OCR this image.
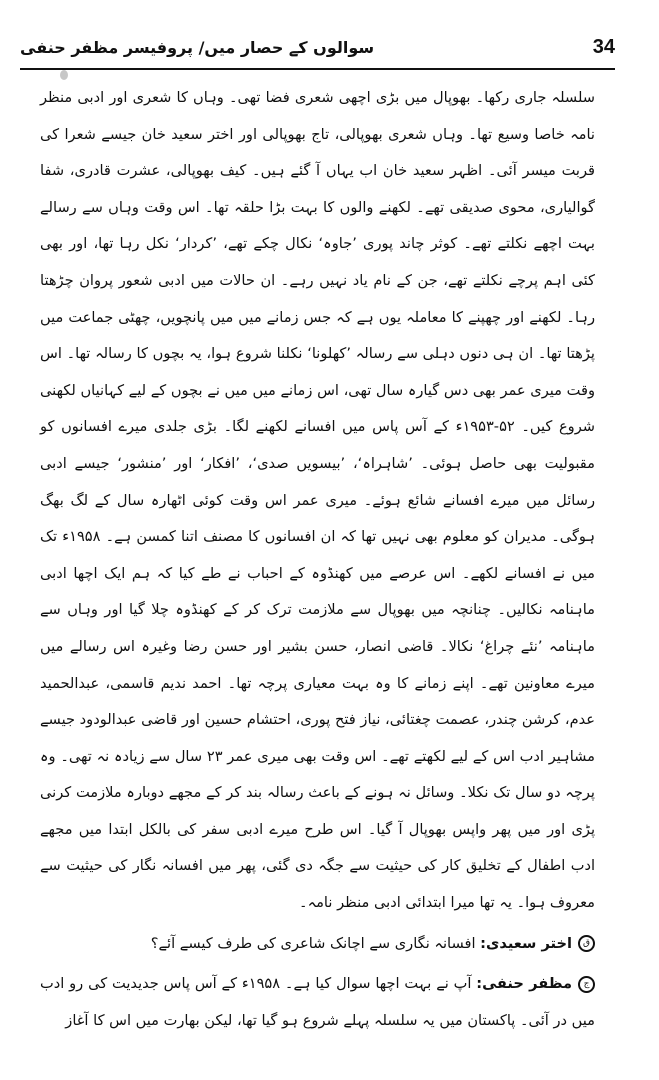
34
سوالوں کے حصار میں/ پروفیسر مظفر حنفی

سلسلہ جاری رکھا۔ بھوپال میں بڑی اچھی شعری فضا تھی۔ وہاں کا شعری اور ادبی منظر نامہ خاصا وسیع تھا۔ وہاں شعری بھوپالی، تاج بھوپالی اور اختر سعید خان جیسے شعرا کی قربت میسر آئی۔ اظہر سعید خان اب یہاں آ گئے ہیں۔ کیف بھوپالی، عشرت قادری، شفا گوالیاری، محوی صدیقی تھے۔ لکھنے والوں کا بہت بڑا حلقہ تھا۔ اس وقت وہاں سے رسالے بہت اچھے نکلتے تھے۔ کوثر چاند پوری ’جاوہ‘ نکال چکے تھے، ’کردار‘ نکل رہا تھا، اور بھی کئی اہم پرچے نکلتے تھے، جن کے نام یاد نہیں رہے۔ ان حالات میں ادبی شعور پروان چڑھتا رہا۔ لکھنے اور چھپنے کا معاملہ یوں ہے کہ جس زمانے میں میں پانچویں، چھٹی جماعت میں پڑھتا تھا۔ ان ہی دنوں دہلی سے رسالہ ’کھلونا‘ نکلنا شروع ہوا، یہ بچوں کا رسالہ تھا۔ اس وقت میری عمر بھی دس گیارہ سال تھی، اس زمانے میں میں نے بچوں کے لیے کہانیاں لکھنی شروع کیں۔ ۵۲-۱۹۵۳ء کے آس پاس میں افسانے لکھنے لگا۔ بڑی جلدی میرے افسانوں کو مقبولیت بھی حاصل ہوئی۔ ’شاہراہ‘، ’بیسویں صدی‘، ’افکار‘ اور ’منشور‘ جیسے ادبی رسائل میں میرے افسانے شائع ہوئے۔ میری عمر اس وقت کوئی اٹھارہ سال کے لگ بھگ ہوگی۔ مدیران کو معلوم بھی نہیں تھا کہ ان افسانوں کا مصنف اتنا کمسن ہے۔ ۱۹۵۸ء تک میں نے افسانے لکھے۔ اس عرصے میں کھنڈوہ کے احباب نے طے کیا کہ ہم ایک اچھا ادبی ماہنامہ نکالیں۔ چنانچہ میں بھوپال سے ملازمت ترک کر کے کھنڈوہ چلا گیا اور وہاں سے ماہنامہ ’نئے چراغ‘ نکالا۔ قاضی انصار، حسن بشیر اور حسن رضا وغیرہ اس رسالے میں میرے معاونین تھے۔ اپنے زمانے کا وہ بہت معیاری پرچہ تھا۔ احمد ندیم قاسمی، عبدالحمید عدم، کرشن چندر، عصمت چغتائی، نیاز فتح پوری، احتشام حسین اور قاضی عبدالودود جیسے مشاہیر ادب اس کے لیے لکھتے تھے۔ اس وقت بھی میری عمر ۲۳ سال سے زیادہ نہ تھی۔ وہ پرچہ دو سال تک نکلا۔ وسائل نہ ہونے کے باعث رسالہ بند کر کے مجھے دوبارہ ملازمت کرنی پڑی اور میں پھر واپس بھوپال آ گیا۔ اس طرح میرے ادبی سفر کی بالکل ابتدا میں مجھے ادب اطفال کے تخلیق کار کی حیثیت سے جگہ دی گئی، پھر میں افسانہ نگار کی حیثیت سے معروف ہوا۔ یہ تھا میرا ابتدائی ادبی منظر نامہ۔

قاختر سعیدی: افسانہ نگاری سے اچانک شاعری کی طرف کیسے آئے؟

جمظفر حنفی: آپ نے بہت اچھا سوال کیا ہے۔ ۱۹۵۸ء کے آس پاس جدیدیت کی رو ادب میں در آئی۔ پاکستان میں یہ سلسلہ پہلے شروع ہو گیا تھا، لیکن بھارت میں اس کا آغاز
